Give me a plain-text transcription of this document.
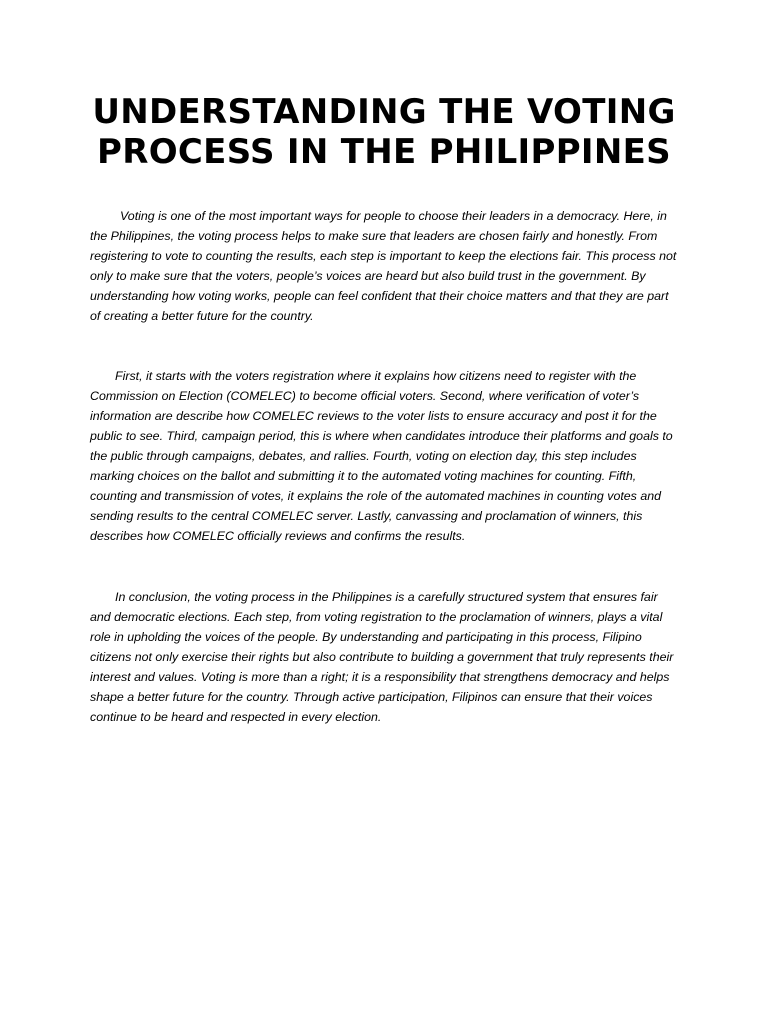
UNDERSTANDING THE VOTING PROCESS IN THE PHILIPPINES

Voting is one of the most important ways for people to choose their leaders in a democracy. Here, in the Philippines, the voting process helps to make sure that leaders are chosen fairly and honestly. From registering to vote to counting the results, each step is important to keep the elections fair. This process not only to make sure that the voters, people’s voices are heard but also build trust in the government. By understanding how voting works, people can feel confident that their choice matters and that they are part of creating a better future for the country.

First, it starts with the voters registration where it explains how citizens need to register with the Commission on Election (COMELEC) to become official voters. Second, where verification of voter’s information are describe how COMELEC reviews to the voter lists to ensure accuracy and post it for the public to see. Third, campaign period, this is where when candidates introduce their platforms and goals to the public through campaigns, debates, and rallies. Fourth, voting on election day, this step includes marking choices on the ballot and submitting it to the automated voting machines for counting. Fifth, counting and transmission of votes, it explains the role of the automated machines in counting votes and sending results to the central COMELEC server. Lastly, canvassing and proclamation of winners, this describes how COMELEC officially reviews and confirms the results.

In conclusion, the voting process in the Philippines is a carefully structured system that ensures fair and democratic elections. Each step, from voting registration to the proclamation of winners, plays a vital role in upholding the voices of the people. By understanding and participating in this process, Filipino citizens not only exercise their rights but also contribute to building a government that truly represents their interest and values. Voting is more than a right; it is a responsibility that strengthens democracy and helps shape a better future for the country. Through active participation, Filipinos can ensure that their voices continue to be heard and respected in every election.
